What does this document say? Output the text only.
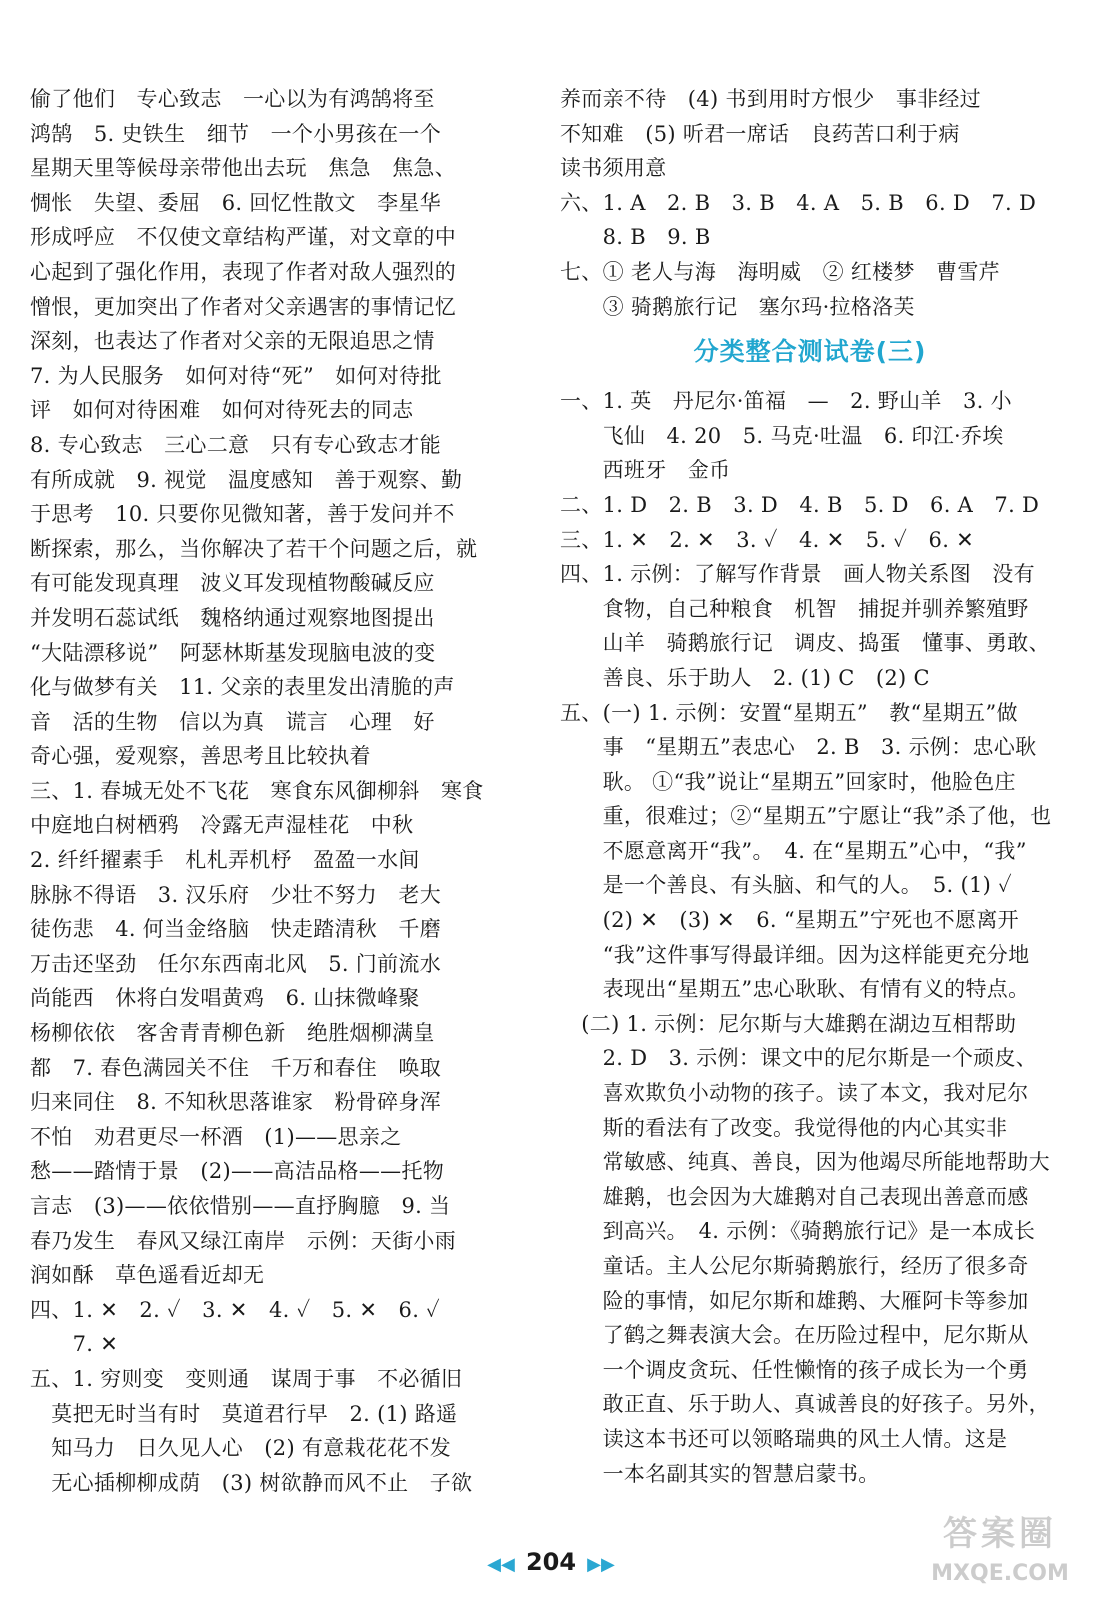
偷了他们　专心致志　一心以为有鸿鹄将至
鸿鹄　5. 史铁生　细节　一个小男孩在一个
星期天里等候母亲带他出去玩　焦急　焦急、
惆怅　失望、委屈　6. 回忆性散文　李星华
形成呼应　不仅使文章结构严谨，对文章的中
心起到了强化作用，表现了作者对敌人强烈的
憎恨，更加突出了作者对父亲遇害的事情记忆
深刻，也表达了作者对父亲的无限追思之情
7. 为人民服务　如何对待“死”　如何对待批
评　如何对待困难　如何对待死去的同志
8. 专心致志　三心二意　只有专心致志才能
有所成就　9. 视觉　温度感知　善于观察、勤
于思考　10. 只要你见微知著，善于发问并不
断探索，那么，当你解决了若干个问题之后，就
有可能发现真理　波义耳发现植物酸碱反应
并发明石蕊试纸　魏格纳通过观察地图提出
“大陆漂移说”　阿瑟林斯基发现脑电波的变
化与做梦有关　11. 父亲的表里发出清脆的声
音　活的生物　信以为真　谎言　心理　好
奇心强，爱观察，善思考且比较执着
三、1. 春城无处不飞花　寒食东风御柳斜　寒食
中庭地白树栖鸦　冷露无声湿桂花　中秋
2. 纤纤擢素手　札札弄机杼　盈盈一水间
脉脉不得语　3. 汉乐府　少壮不努力　老大
徒伤悲　4. 何当金络脑　快走踏清秋　千磨
万击还坚劲　任尔东西南北风　5. 门前流水
尚能西　休将白发唱黄鸡　6. 山抹微峰聚
杨柳依依　客舍青青柳色新　绝胜烟柳满皇
都　7. 春色满园关不住　千万和春住　唤取
归来同住　8. 不知秋思落谁家　粉骨碎身浑
不怕　劝君更尽一杯酒　(1)——思亲之
愁——踏情于景　(2)——高洁品格——托物
言志　(3)——依依惜别——直抒胸臆　9. 当
春乃发生　春风又绿江南岸　示例：天街小雨
润如酥　草色遥看近却无
四、1. ✕　2. ✓　3. ✕　4. ✓　5. ✕　6. ✓
　　7. ✕
五、1. 穷则变　变则通　谋周于事　不必循旧
　莫把无时当有时　莫道君行早　2. (1) 路遥
　知马力　日久见人心　(2) 有意栽花花不发
　无心插柳柳成荫　(3) 树欲静而风不止　子欲
养而亲不待　(4) 书到用时方恨少　事非经过
不知难　(5) 听君一席话　良药苦口利于病
读书须用意
六、1. A　2. B　3. B　4. A　5. B　6. D　7. D
　　8. B　9. B
七、① 老人与海　海明威　② 红楼梦　曹雪芹
　　③ 骑鹅旅行记　塞尔玛·拉格洛芙
分类整合测试卷(三)
一、1. 英　丹尼尔·笛福　—　2. 野山羊　3. 小
　　飞仙　4. 20　5. 马克·吐温　6. 印江·乔埃
　　西班牙　金币
二、1. D　2. B　3. D　4. B　5. D　6. A　7. D
三、1. ✕　2. ✕　3. ✓　4. ✕　5. ✓　6. ✕
四、1. 示例：了解写作背景　画人物关系图　没有
　　食物，自己种粮食　机智　捕捉并驯养繁殖野
　　山羊　骑鹅旅行记　调皮、捣蛋　懂事、勇敢、
　　善良、乐于助人　2. (1) C　(2) C
五、(一) 1. 示例：安置“星期五”　教“星期五”做
　　事　“星期五”表忠心　2. B　3. 示例：忠心耿
　　耿。 ①“我”说让“星期五”回家时，他脸色庄
　　重，很难过；②“星期五”宁愿让“我”杀了他，也
　　不愿意离开“我”。　4. 在“星期五”心中，“我”
　　是一个善良、有头脑、和气的人。　5. (1) ✓
　　(2) ✕　(3) ✕　6. “星期五”宁死也不愿离开
　　“我”这件事写得最详细。因为这样能更充分地
　　表现出“星期五”忠心耿耿、有情有义的特点。
　(二) 1. 示例：尼尔斯与大雄鹅在湖边互相帮助
　　2. D　3. 示例：课文中的尼尔斯是一个顽皮、
　　喜欢欺负小动物的孩子。读了本文，我对尼尔
　　斯的看法有了改变。我觉得他的内心其实非
　　常敏感、纯真、善良，因为他竭尽所能地帮助大
　　雄鹅，也会因为大雄鹅对自己表现出善意而感
　　到高兴。　4. 示例：《骑鹅旅行记》是一本成长
　　童话。主人公尼尔斯骑鹅旅行，经历了很多奇
　　险的事情，如尼尔斯和雄鹅、大雁阿卡等参加
　　了鹤之舞表演大会。在历险过程中，尼尔斯从
　　一个调皮贪玩、任性懒惰的孩子成长为一个勇
　　敢正直、乐于助人、真诚善良的好孩子。另外，
　　读这本书还可以领略瑞典的风土人情。这是
　　一本名副其实的智慧启蒙书。
◀◀ 204 ▶▶
答案圈
MXQE.COM
